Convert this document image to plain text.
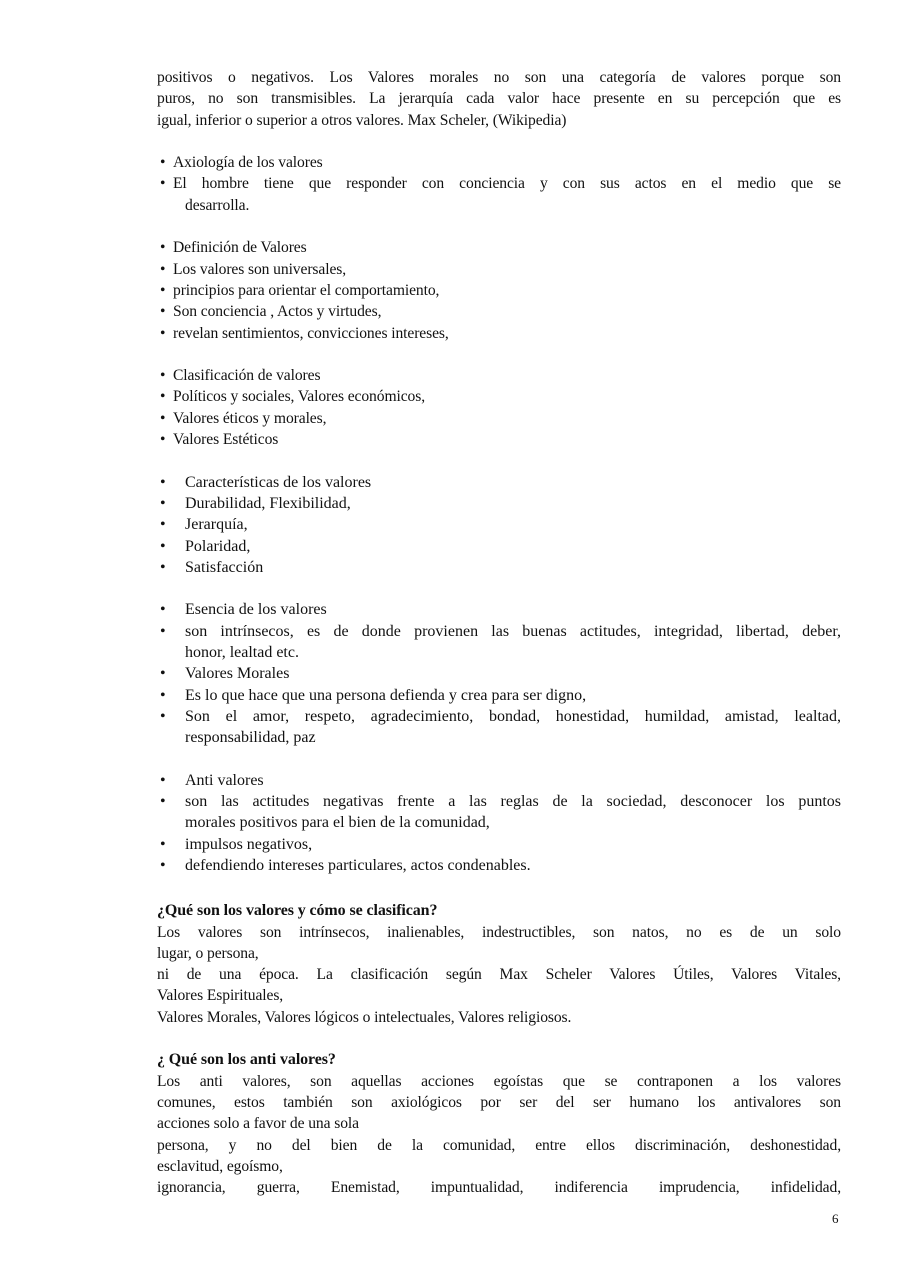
positivos o negativos. Los Valores morales no son una categoría de valores porque son
puros, no son transmisibles. La jerarquía cada valor hace presente en su percepción que es
igual, inferior o superior a otros valores. Max Scheler, (Wikipedia)
• Axiología de los valores
• El hombre tiene que responder con conciencia y con sus actos en el medio que se
desarrolla.
• Definición de Valores
• Los valores son universales,
• principios para orientar el comportamiento,
• Son conciencia , Actos y virtudes,
• revelan sentimientos, convicciones intereses,
• Clasificación de valores
• Políticos y sociales, Valores económicos,
• Valores éticos y morales,
• Valores Estéticos
•	Características de los valores
•	Durabilidad, Flexibilidad,
•	Jerarquía,
•	Polaridad,
•	Satisfacción
•	Esencia de los valores
•	son intrínsecos, es de donde provienen las buenas actitudes, integridad, libertad, deber,
honor, lealtad etc.
•	Valores Morales
•	Es lo que hace que una persona defienda y crea para ser digno,
•	Son el amor, respeto, agradecimiento, bondad, honestidad, humildad, amistad, lealtad,
responsabilidad, paz
•	Anti valores
•	son las actitudes negativas frente a las reglas de la sociedad, desconocer los puntos
morales positivos para el bien de la comunidad,
•	impulsos negativos,
•	defendiendo intereses particulares, actos condenables.
¿Qué son los valores y cómo se clasifican?
Los valores son intrínsecos, inalienables, indestructibles, son natos, no es de un solo
lugar, o persona,
ni de una época. La clasificación según Max Scheler Valores Útiles, Valores Vitales,
Valores Espirituales,
Valores Morales, Valores lógicos o intelectuales, Valores religiosos.
¿ Qué son los anti valores?
Los anti valores, son aquellas acciones egoístas que se contraponen a los valores
comunes, estos también son axiológicos por ser del ser humano los antivalores son
acciones solo a favor de una sola
persona, y no del bien de la comunidad, entre ellos discriminación, deshonestidad,
esclavitud, egoísmo,
ignorancia, guerra, Enemistad, impuntualidad, indiferencia imprudencia, infidelidad,
6
